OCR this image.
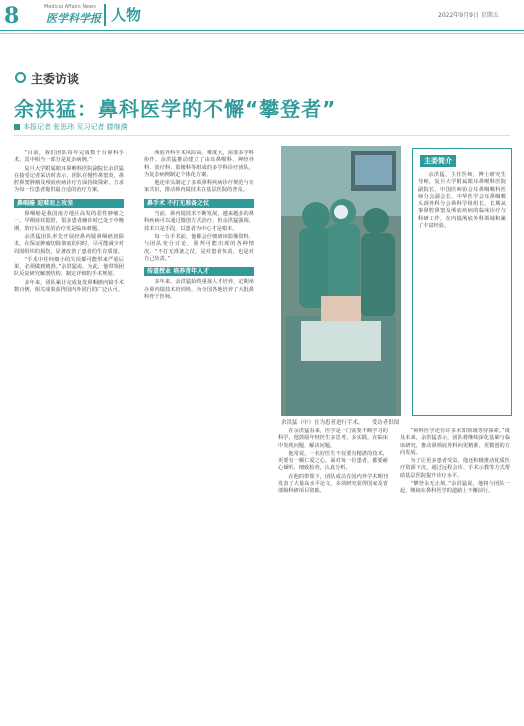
8	Medical Affairs News
医学科学报 人物	2022年9月9日 星期五
主委访谈
余洪猛：鼻科医学的不懈“攀登者”
本报记者 张思玮 见习记者 滕继濮

“目前，我们团队每年完成数千台鼻科手术，其中相当一部分是复杂病例。”

复旦大学附属眼耳鼻喉科医院副院长余洪猛在接受记者采访时表示，团队在慢性鼻窦炎、鼻腔鼻窦肿瘤及颅底疾病诊疗方面持续探索，力求为每一位患者提供最合适的治疗方案。

鼻咽癌 迎难而上攻坚

鼻咽癌是我国南方地区高发的恶性肿瘤之一。早期症状隐匿，很多患者确诊时已处于中晚期，放疗后复发的治疗更是临床难题。

余洪猛团队率先开展经鼻内镜鼻咽癌切除术，在保证肿瘤切除彻底的同时，尽可能减少对周围组织的损伤，显著改善了患者的生存质量。

“手术中任何细小的失误都可能带来严重后果，必须做到精准。”余洪猛说。为此，他带领团队反复研究解剖结构，制定详细的手术规划。

多年来，团队累计完成复发鼻咽癌内镜手术数百例，相关成果获得国内外同行的广泛认可。

颅底外科手术风险高、难度大，需要多学科协作。余洪猛推动建立了由耳鼻喉科、神经外科、放疗科、影像科等组成的多学科诊疗团队，为复杂病例制定个体化方案。

他还牵头制定了多项鼻科疾病诊疗规范与专家共识，推动鼻内镜技术在基层医院的普及。

鼻手术 不打无准备之仗

当前，鼻内镜技术不断发展，越来越多的鼻科疾病可以通过微创方式治疗。但余洪猛强调，技术只是手段，以患者为中心才是根本。

每一台手术前，他都会仔细研读影像资料，与团队充分讨论，预判可能出现的各种情况。“不打无准备之仗，是对患者负责，也是对自己负责。”

传道授业 培养青年人才

多年来，余洪猛始终重视人才培养，定期举办鼻内镜技术培训班，为全国各地培养了大批鼻科骨干医师。

余洪猛（中）在为患者进行手术。　　受访者供图
主委简介

余洪猛，主任医师，博士研究生导师，复旦大学附属眼耳鼻喉科医院副院长，中国医师协会耳鼻咽喉科医师分会副会长、中华医学会耳鼻咽喉头颈外科分会鼻科学组组长。长期从事鼻腔鼻窦及颅底疾病的临床诊疗与科研工作，在内镜颅底外科领域积累了丰富经验。

在余洪猛看来，医学是一门需要不断学习的科学。他鼓励年轻医生多思考、多实践，在临床中发现问题、解决问题。

他常说，一名好医生不仅要有精湛的技术，更要有一颗仁爱之心。面对每一位患者，都要耐心倾听，细致检查，认真分析。

在他的带领下，团队成员在国内外学术期刊发表了大量高水平论文，多项研究获得国家及省部级科研项目资助。

“鼻科医学还有许多未知领域等待探索。”谈及未来，余洪猛表示，团队将继续深化基础与临床研究，推动鼻颅底外科向更精准、更微创的方向发展。

为了让更多患者受益，他还积极推动优质医疗资源下沉，通过远程会诊、手术示教等方式帮助基层医院提升诊疗水平。

“攀登永无止境。”余洪猛说，他将与团队一起，继续在鼻科医学的道路上不懈前行。
